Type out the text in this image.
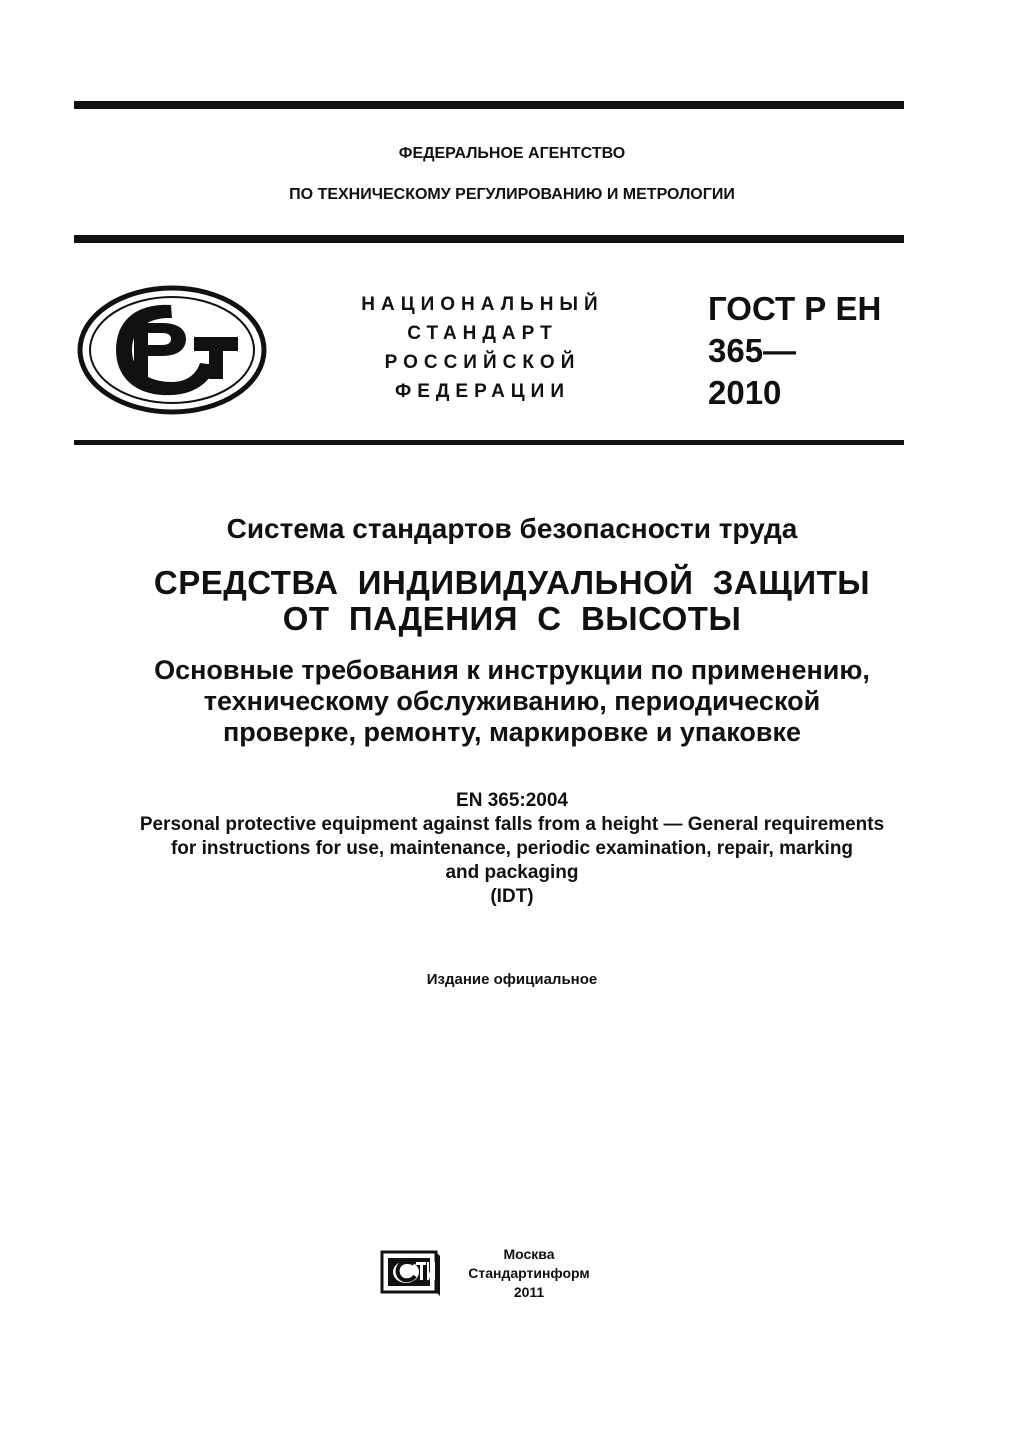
ФЕДЕРАЛЬНОЕ АГЕНТСТВО
ПО ТЕХНИЧЕСКОМУ РЕГУЛИРОВАНИЮ И МЕТРОЛОГИИ
НАЦИОНАЛЬНЫЙ
СТАНДАРТ
РОССИЙСКОЙ
ФЕДЕРАЦИИ
ГОСТ Р ЕН
365—
2010
Система стандартов безопасности труда
СРЕДСТВА  ИНДИВИДУАЛЬНОЙ  ЗАЩИТЫ
ОТ  ПАДЕНИЯ  С  ВЫСОТЫ
Основные требования к инструкции по применению,
техническому обслуживанию, периодической
проверке, ремонту, маркировке и упаковке
EN 365:2004
Personal protective equipment against falls from a height — General requirements
for instructions for use, maintenance, periodic examination, repair, marking
and packaging
(IDT)
Издание официальное
Москва
Стандартинформ
2011
